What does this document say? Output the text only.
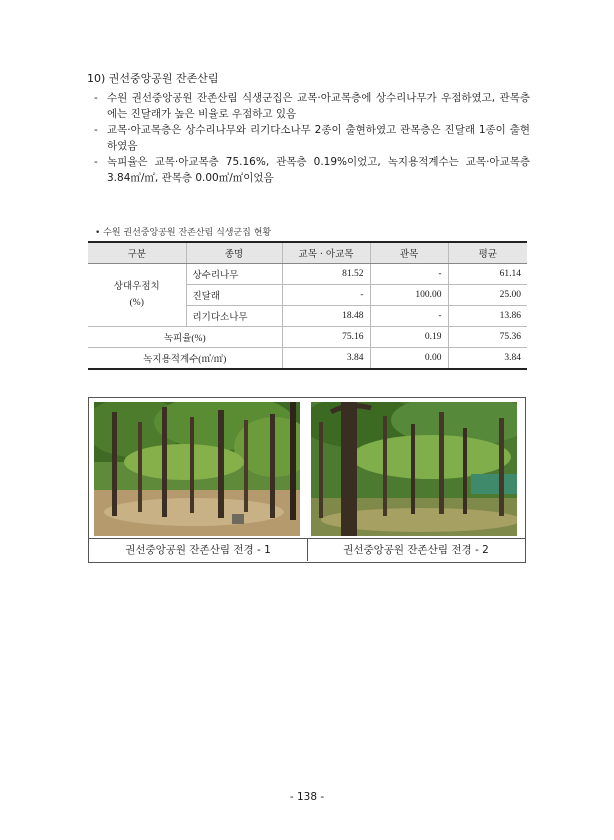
10) 권선중앙공원 잔존산림
- 수원 권선중앙공원 잔존산림 식생군집은 교목·아교목층에 상수리나무가 우점하였고, 관목층에는 진달래가 높은 비율로 우점하고 있음
- 교목·아교목층은 상수리나무와 리기다소나무 2종이 출현하였고 관목층은 진달래 1종이 출현하였음
- 녹피율은 교목·아교목층 75.16%, 관목층 0.19%이었고, 녹지용적계수는 교목·아교목층 3.84㎥/㎡, 관목층 0.00㎥/㎡이었음
• 수원 권선중앙공원 잔존산림 식생군집 현황
구분	종명	교목 · 아교목	관목	평균

상대우점치
(%)	상수리나무	81.52	-	61.14
	진달래	-	100.00	25.00
	리기다소나무	18.48	-	13.86
녹피율(%)		75.16	0.19	75.36
녹지용적계수(㎥/㎡)		3.84	0.00	3.84
권선중앙공원 잔존산림 전경 - 1	권선중앙공원 잔존산림 전경 - 2
- 138 -
